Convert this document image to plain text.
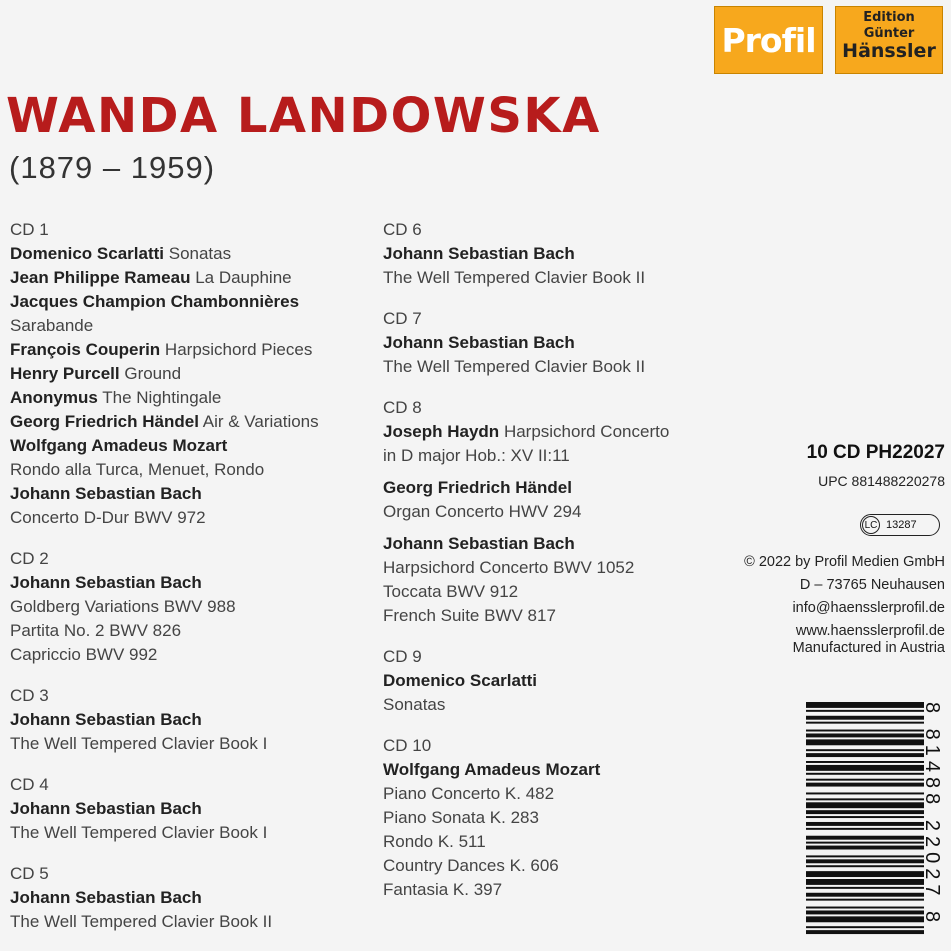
Profil
Edition
Günter
Hänssler
WANDA LANDOWSKA
(1879 – 1959)
CD 1
Domenico Scarlatti Sonatas
Jean Philippe Rameau La Dauphine
Jacques Champion Chambonnières
Sarabande
François Couperin Harpsichord Pieces
Henry Purcell Ground
Anonymus The Nightingale
Georg Friedrich Händel Air & Variations
Wolfgang Amadeus Mozart
Rondo alla Turca, Menuet, Rondo
Johann Sebastian Bach
Concerto D-Dur BWV 972
CD 2
Johann Sebastian Bach
Goldberg Variations BWV 988
Partita No. 2 BWV 826
Capriccio BWV 992
CD 3
Johann Sebastian Bach
The Well Tempered Clavier Book I
CD 4
Johann Sebastian Bach
The Well Tempered Clavier Book I
CD 5
Johann Sebastian Bach
The Well Tempered Clavier Book II
CD 6
Johann Sebastian Bach
The Well Tempered Clavier Book II
CD 7
Johann Sebastian Bach
The Well Tempered Clavier Book II
CD 8
Joseph Haydn Harpsichord Concerto
in D major Hob.: XV II:11
Georg Friedrich Händel
Organ Concerto HWV 294
Johann Sebastian Bach
Harpsichord Concerto BWV 1052
Toccata BWV 912
French Suite BWV 817
CD 9
Domenico Scarlatti
Sonatas
CD 10
Wolfgang Amadeus Mozart
Piano Concerto K. 482
Piano Sonata K. 283
Rondo K. 511
Country Dances K. 606
Fantasia K. 397
10 CD PH22027
UPC 881488220278
LC 13287
© 2022 by Profil Medien GmbH
D – 73765 Neuhausen
info@haensslerprofil.de
www.haensslerprofil.de
Manufactured in Austria
8 81488 22027 8
